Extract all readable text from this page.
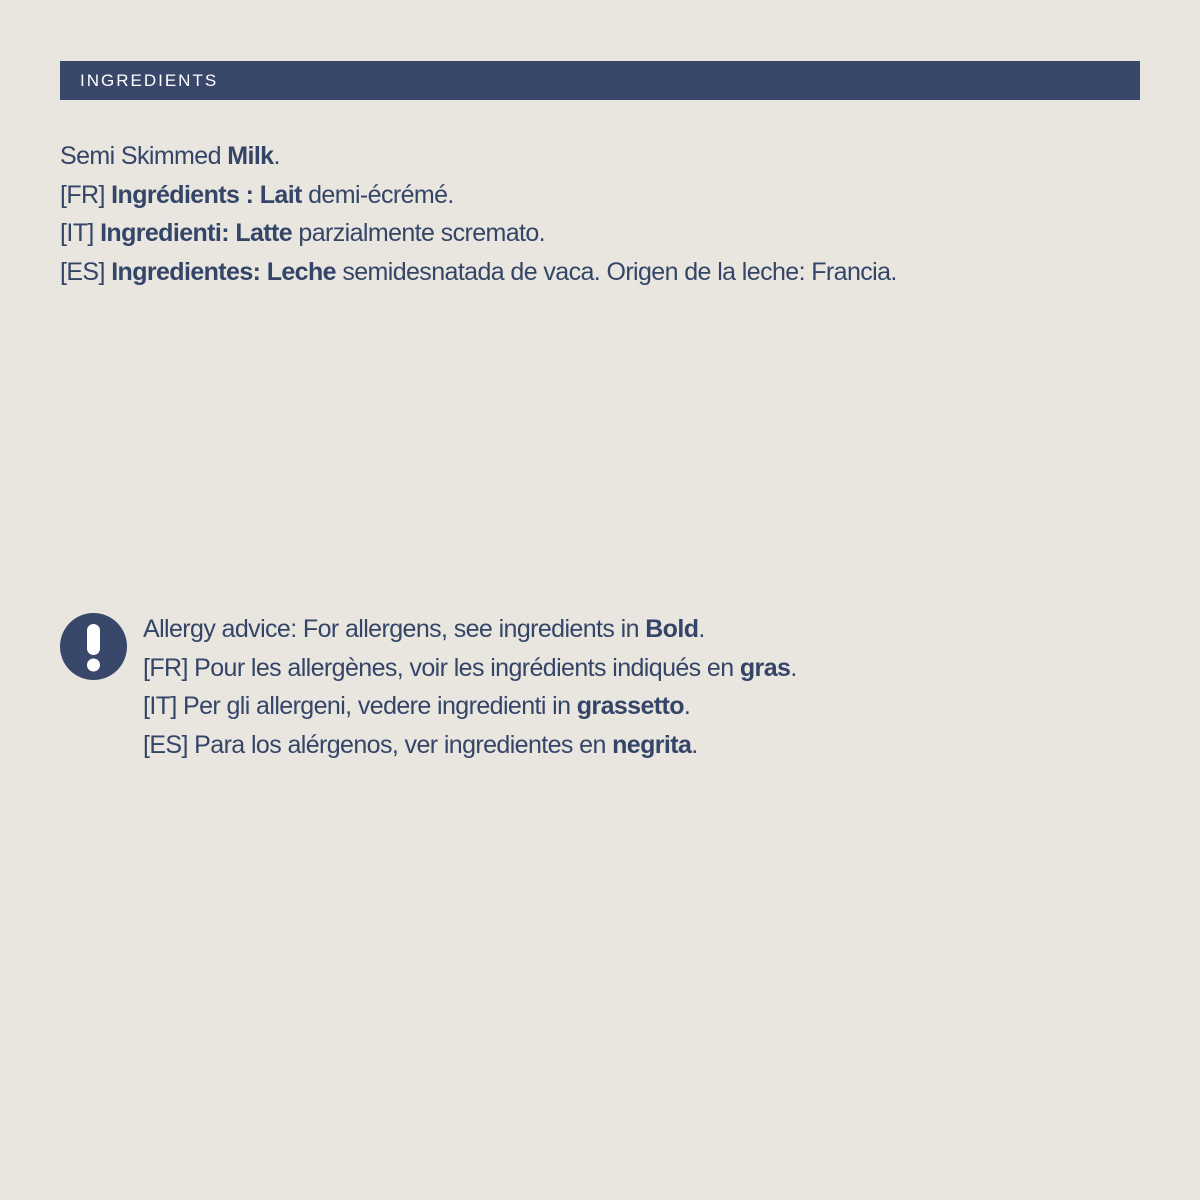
INGREDIENTS
Semi Skimmed Milk.
[FR] Ingrédients : Lait demi-écrémé.
[IT] Ingredienti: Latte parzialmente scremato.
[ES] Ingredientes: Leche semidesnatada de vaca. Origen de la leche: Francia.
Allergy advice: For allergens, see ingredients in Bold.
[FR] Pour les allergènes, voir les ingrédients indiqués en gras.
[IT] Per gli allergeni, vedere ingredienti in grassetto.
[ES] Para los alérgenos, ver ingredientes en negrita.
